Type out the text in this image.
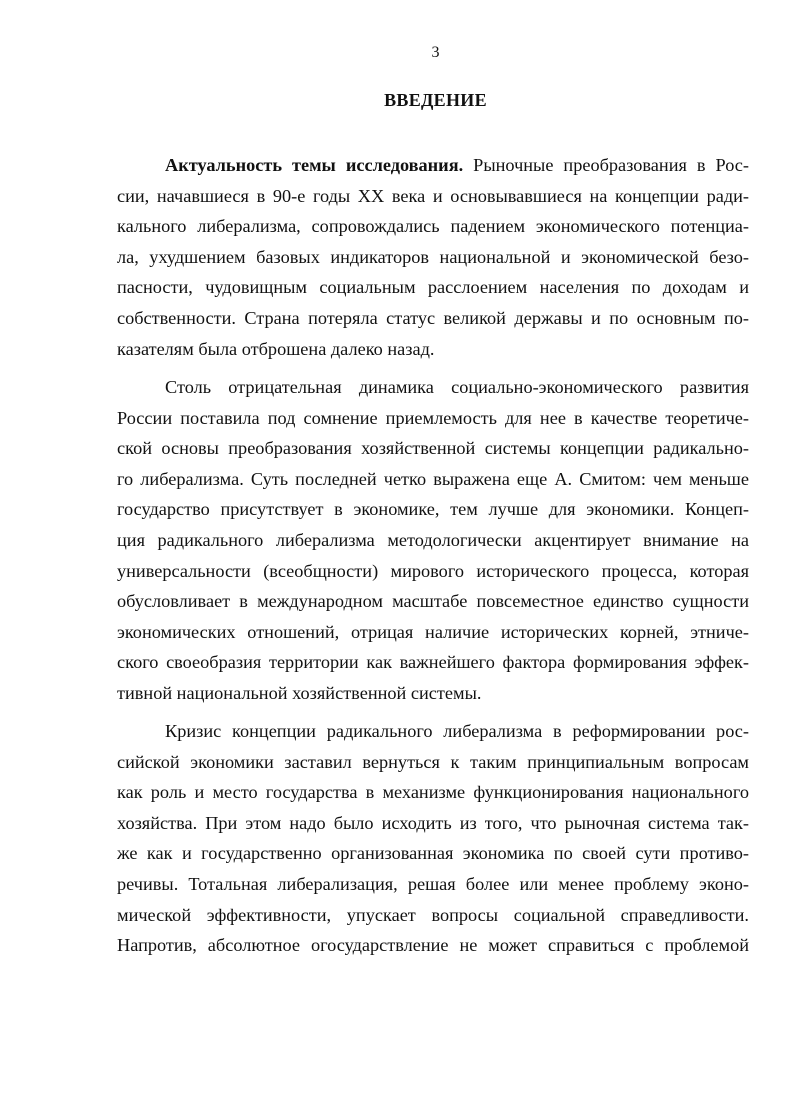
3

ВВЕДЕНИЕ
Актуальность темы исследования. Рыночные преобразования в Рос-
сии, начавшиеся в 90-е годы XX века и основывавшиеся на концепции ради-
кального либерализма, сопровождались падением экономического потенциа-
ла, ухудшением базовых индикаторов национальной и экономической безо-
пасности, чудовищным социальным расслоением населения по доходам и
собственности. Страна потеряла статус великой державы и по основным по-
казателям была отброшена далеко назад.
Столь отрицательная динамика социально-экономического развития
России поставила под сомнение приемлемость для нее в качестве теоретиче-
ской основы преобразования хозяйственной системы концепции радикально-
го либерализма. Суть последней четко выражена еще А. Смитом: чем меньше
государство присутствует в экономике, тем лучше для экономики. Концеп-
ция радикального либерализма методологически акцентирует внимание на
универсальности (всеобщности) мирового исторического процесса, которая
обусловливает в международном масштабе повсеместное единство сущности
экономических отношений, отрицая наличие исторических корней, этниче-
ского своеобразия территории как важнейшего фактора формирования эффек-
тивной национальной хозяйственной системы.
Кризис концепции радикального либерализма в реформировании рос-
сийской экономики заставил вернуться к таким принципиальным вопросам
как роль и место государства в механизме функционирования национального
хозяйства. При этом надо было исходить из того, что рыночная система так-
же как и государственно организованная экономика по своей сути противо-
речивы. Тотальная либерализация, решая более или менее проблему эконо-
мической эффективности, упускает вопросы социальной справедливости.
Напротив, абсолютное огосударствление не может справиться с проблемой
